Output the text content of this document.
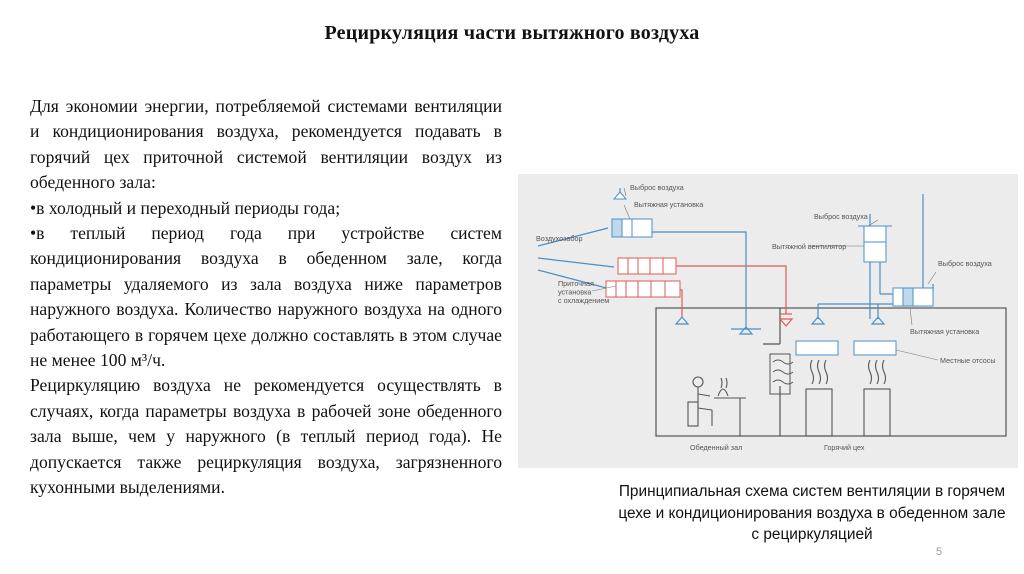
Рециркуляция части вытяжного воздуха

Для экономии энергии, потребляемой системами вентиляции и кондиционирования воздуха, рекомендуется подавать в горячий цех приточной системой вентиляции воздух из обеденного зала:

•в холодный и переходный периоды года;

•в теплый период года при устройстве систем кондиционирования воздуха в обеденном зале, когда параметры удаляемого из зала воздуха ниже параметров наружного воздуха. Количество наружного воздуха на одного работающего в горячем цехе должно составлять в этом случае не менее 100 м³/ч.

Рециркуляцию воздуха не рекомендуется осуществлять в случаях, когда параметры воздуха в рабочей зоне обеденного зала выше, чем у наружного (в теплый период года). Не допускается также рециркуляция воздуха, загрязненного кухонными выделениями.

Выброс воздуха
Вытяжная установка
Воздухозабор
Выброс воздуха
Вытяжной вентилятор
Выброс воздуха
Вытяжная установка
Местные отсосы
Обеденный зал	Горячий цех
Приточная установка с охлаждением
Принципиальная схема систем вентиляции в горячем цехе и кондиционирования воздуха в обеденном зале с рециркуляцией
5
